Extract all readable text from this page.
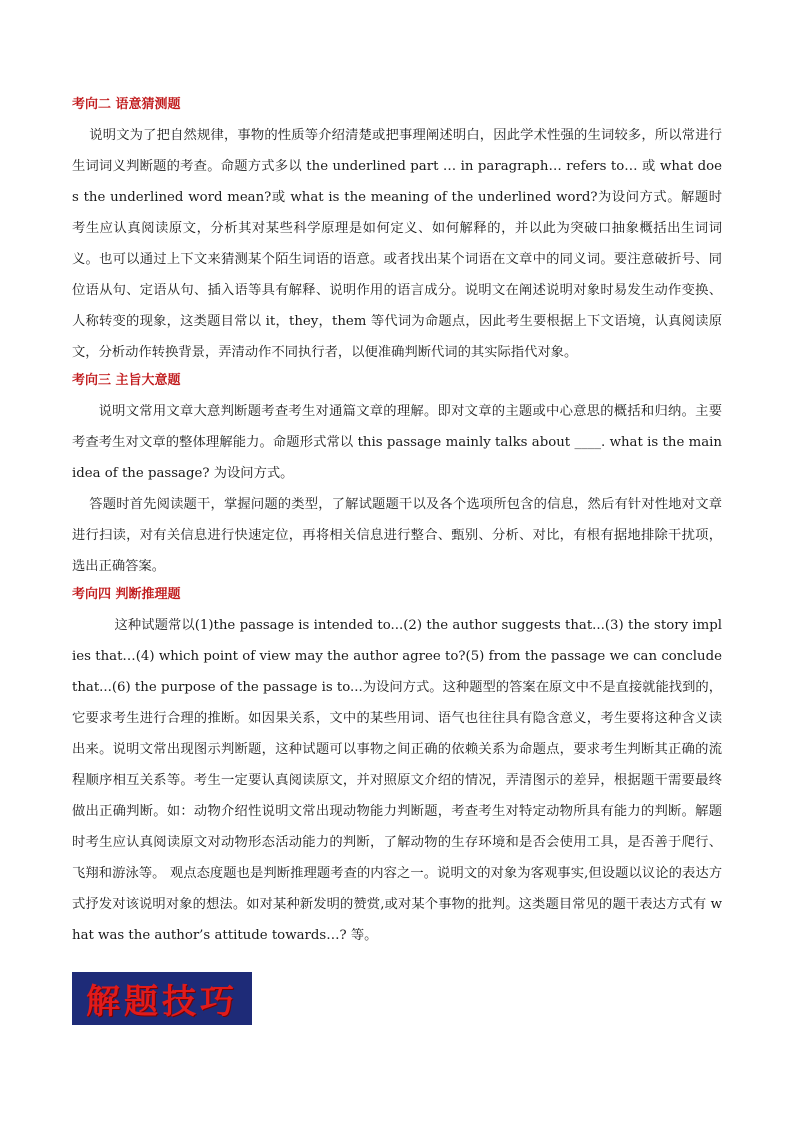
考向二 语意猜测题

说明文为了把自然规律，事物的性质等介绍清楚或把事理阐述明白，因此学术性强的生词较多，所以常进行生词词义判断题的考查。命题方式多以 the underlined part … in paragraph… refers to… 或 what does the underlined word mean?或 what is the meaning of the underlined word?为设问方式。解题时考生应认真阅读原文，分析其对某些科学原理是如何定义、如何解释的，并以此为突破口抽象概括出生词词义。也可以通过上下文来猜测某个陌生词语的语意。或者找出某个词语在文章中的同义词。要注意破折号、同位语从句、定语从句、插入语等具有解释、说明作用的语言成分。说明文在阐述说明对象时易发生动作变换、人称转变的现象，这类题目常以 it，they，them 等代词为命题点，因此考生要根据上下文语境，认真阅读原文，分析动作转换背景，弄清动作不同执行者，以便准确判断代词的其实际指代对象。

考向三 主旨大意题

说明文常用文章大意判断题考查考生对通篇文章的理解。即对文章的主题或中心意思的概括和归纳。主要考查考生对文章的整体理解能力。命题形式常以 this passage mainly talks about ____. what is the main idea of the passage? 为设问方式。

答题时首先阅读题干，掌握问题的类型，了解试题题干以及各个选项所包含的信息，然后有针对性地对文章进行扫读，对有关信息进行快速定位，再将相关信息进行整合、甄别、分析、对比，有根有据地排除干扰项，选出正确答案。

考向四 判断推理题

这种试题常以(1)the passage is intended to...(2) the author suggests that...(3) the story implies that…(4) which point of view may the author agree to?(5) from the passage we can conclude that...(6) the purpose of the passage is to...为设问方式。这种题型的答案在原文中不是直接就能找到的，它要求考生进行合理的推断。如因果关系，文中的某些用词、语气也往往具有隐含意义，考生要将这种含义读出来。说明文常出现图示判断题，这种试题可以事物之间正确的依赖关系为命题点，要求考生判断其正确的流程顺序相互关系等。考生一定要认真阅读原文，并对照原文介绍的情况，弄清图示的差异，根据题干需要最终做出正确判断。如：动物介绍性说明文常出现动物能力判断题，考查考生对特定动物所具有能力的判断。解题时考生应认真阅读原文对动物形态活动能力的判断，了解动物的生存环境和是否会使用工具，是否善于爬行、飞翔和游泳等。 观点态度题也是判断推理题考查的内容之一。说明文的对象为客观事实,但设题以议论的表达方式抒发对该说明对象的想法。如对某种新发明的赞赏,或对某个事物的批判。这类题目常见的题干表达方式有 what was the author’s attitude towards…? 等。

解题技巧
